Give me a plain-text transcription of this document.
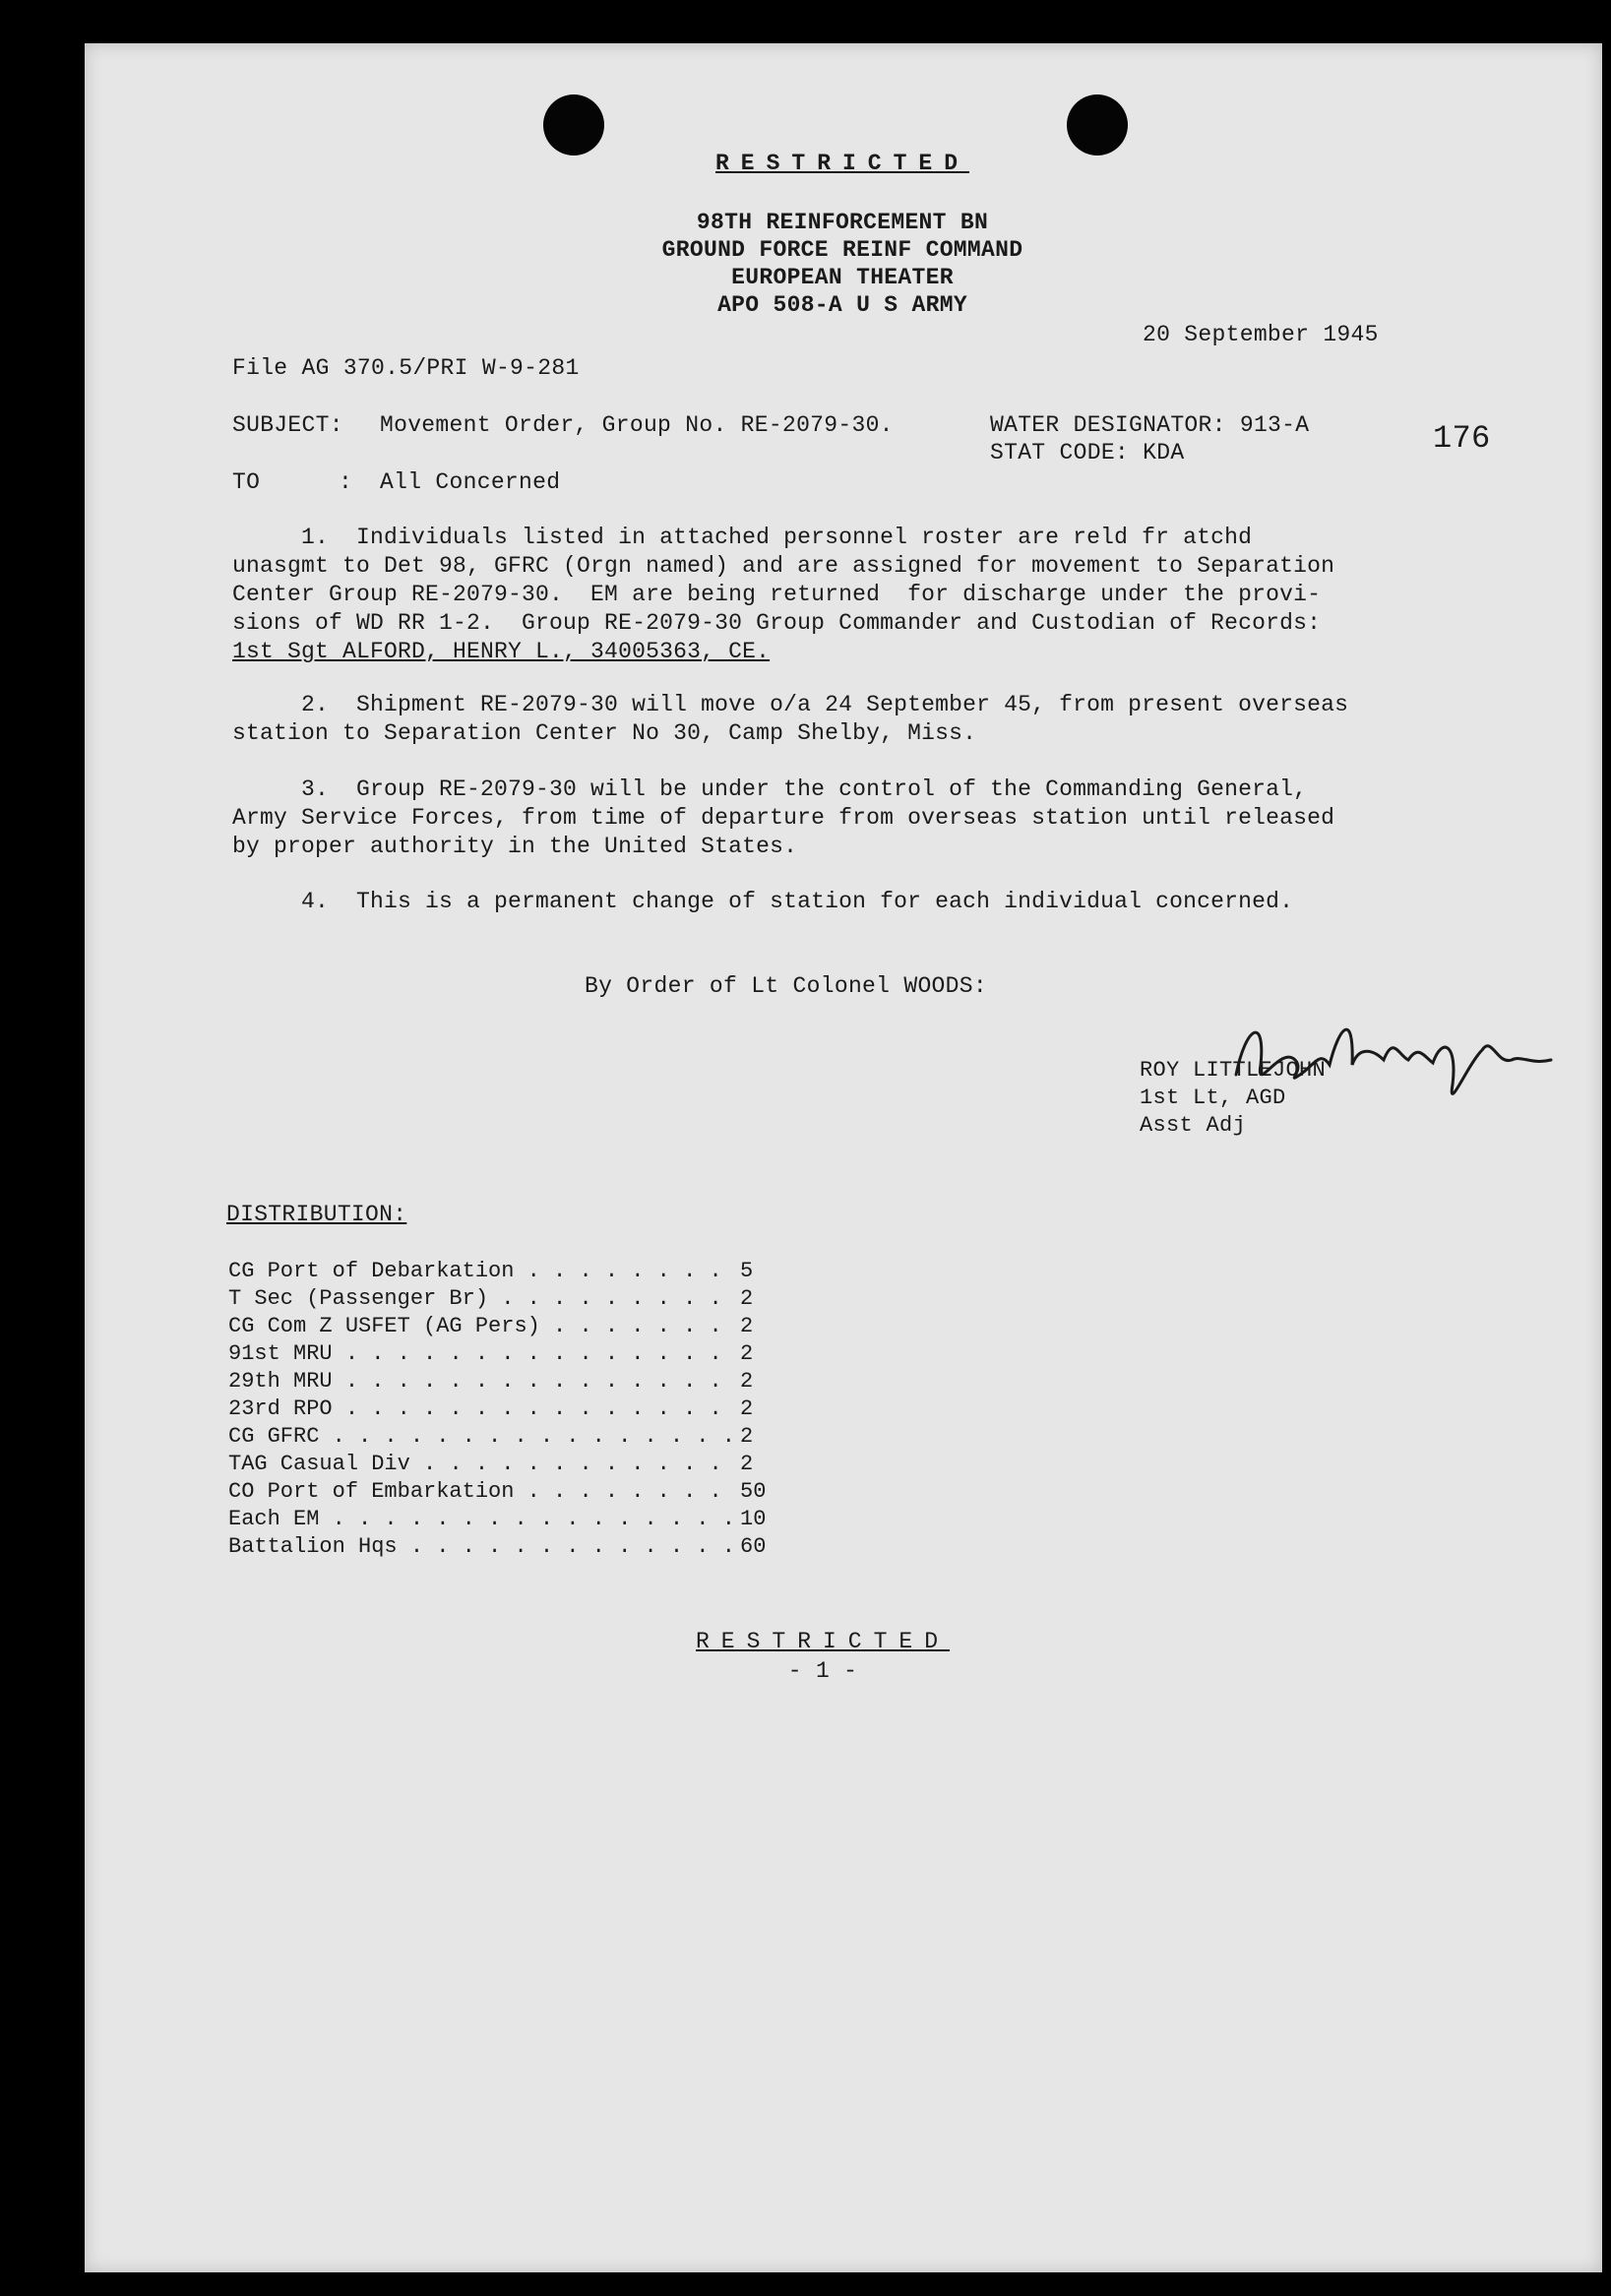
RESTRICTED
98TH REINFORCEMENT BN
GROUND FORCE REINF COMMAND
EUROPEAN THEATER
APO 508-A U S ARMY
20 September 1945
File AG 370.5/PRI W-9-281
SUBJECT: Movement Order, Group No. RE-2079-30.	WATER DESIGNATOR: 913-A
STAT CODE: KDA	176
TO	: All Concerned
1.  Individuals listed in attached personnel roster are reld fr atchd
unasgmt to Det 98, GFRC (Orgn named) and are assigned for movement to Separation
Center Group RE-2079-30.  EM are being returned  for discharge under the provi-
sions of WD RR 1-2.  Group RE-2079-30 Group Commander and Custodian of Records:
1st Sgt ALFORD, HENRY L., 34005363, CE.
2.  Shipment RE-2079-30 will move o/a 24 September 45, from present overseas
station to Separation Center No 30, Camp Shelby, Miss.
3.  Group RE-2079-30 will be under the control of the Commanding General,
Army Service Forces, from time of departure from overseas station until released
by proper authority in the United States.
4.  This is a permanent change of station for each individual concerned.
By Order of Lt Colonel WOODS:
ROY LITTLEJOHN
1st Lt, AGD
Asst Adj
DISTRIBUTION:
CG Port of Debarkation . . .	5
T Sec (Passenger Br) . . .	2
CG Com Z USFET (AG Pers) . . .	2
91st MRU . . .	2
29th MRU . . .	2
23rd RPO . . .	2
CG GFRC . . .	2
TAG Casual Div . . .	2
CO Port of Embarkation . . .	50
Each EM . . .	10
Battalion Hqs . . .	60
RESTRICTED
- 1 -
